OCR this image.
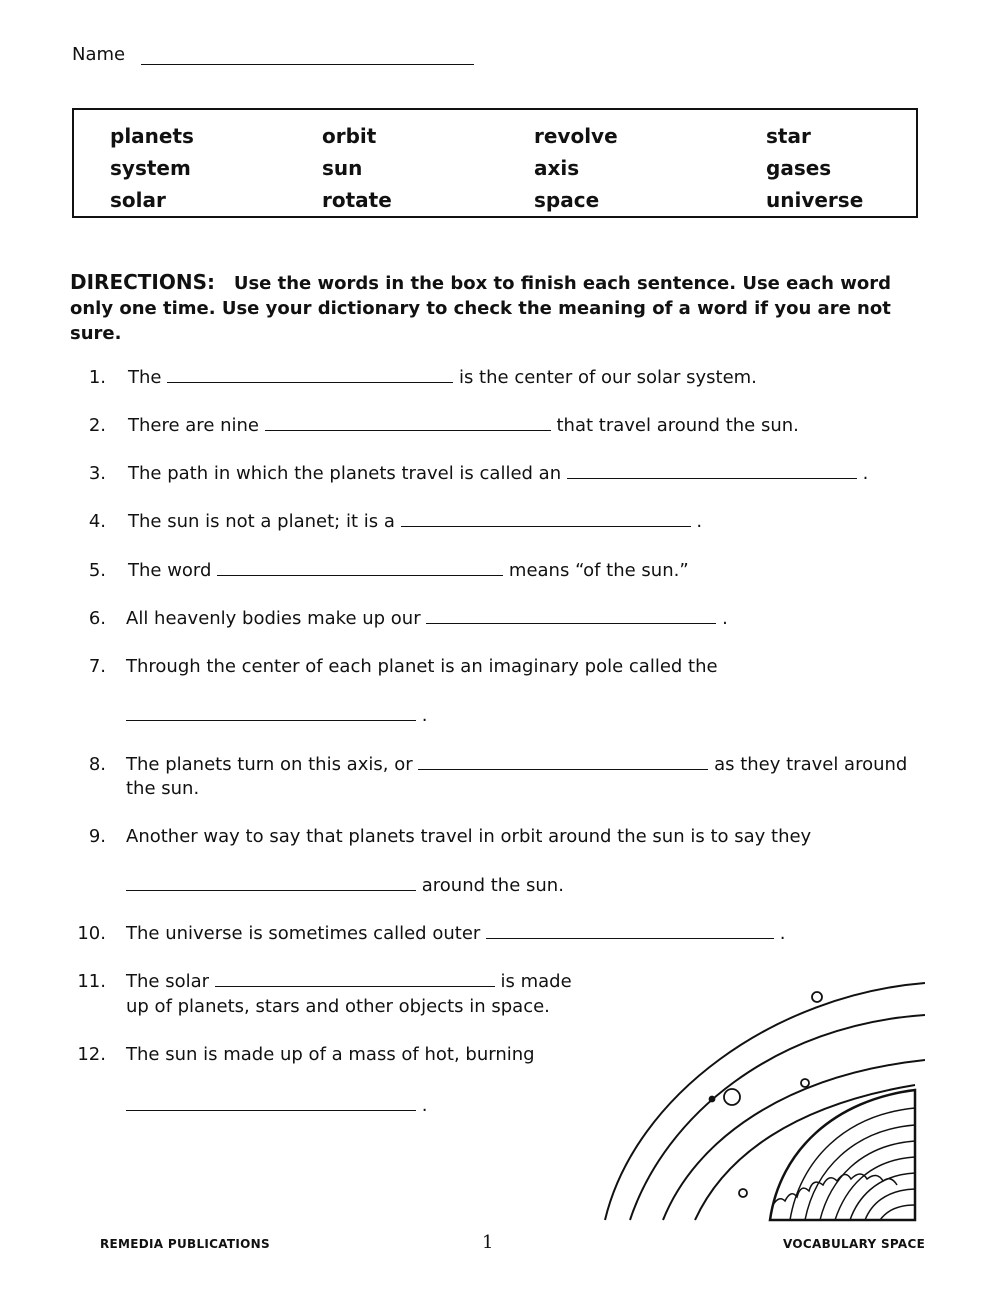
Name
planets	orbit	revolve	star
system	sun	axis	gases
solar	rotate	space	universe
DIRECTIONS: Use the words in the box to finish each sentence. Use each word only one time. Use your dictionary to check the meaning of a word if you are not sure.
1. The	is the center of our solar system.
2. There are nine	that travel around the sun.
3. The path in which the planets travel is called an	.
4. The sun is not a planet; it is a	.
5. The word	means “of the sun.”
6. All heavenly bodies make up our	.
7. Through the center of each planet is an imaginary pole called the
.
8. The planets turn on this axis, or	as they travel around
the sun.
9. Another way to say that planets travel in orbit around the sun is to say they
around the sun.
10. The universe is sometimes called outer	.
11. The solar	is made
up of planets, stars and other objects in space.
12. The sun is made up of a mass of hot, burning
.
REMEDIA PUBLICATIONS	1	VOCABULARY SPACE
